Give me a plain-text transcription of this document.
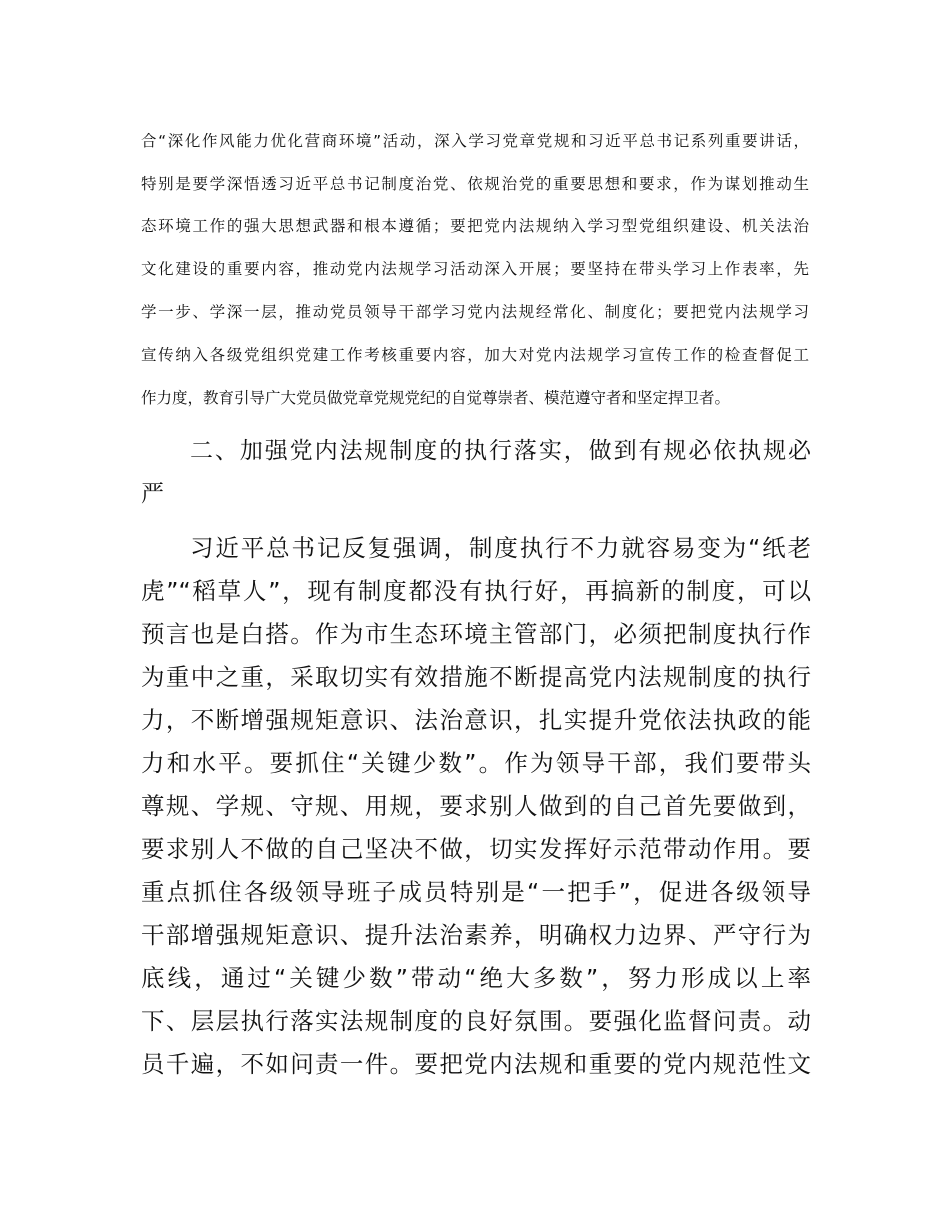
合“深化作风能力优化营商环境”活动，深入学习党章党规和习近平总书记系列重要讲话，
特别是要学深悟透习近平总书记制度治党、依规治党的重要思想和要求，作为谋划推动生
态环境工作的强大思想武器和根本遵循；要把党内法规纳入学习型党组织建设、机关法治
文化建设的重要内容，推动党内法规学习活动深入开展；要坚持在带头学习上作表率，先
学一步、学深一层，推动党员领导干部学习党内法规经常化、制度化；要把党内法规学习
宣传纳入各级党组织党建工作考核重要内容，加大对党内法规学习宣传工作的检查督促工
作力度，教育引导广大党员做党章党规党纪的自觉尊崇者、模范遵守者和坚定捍卫者。
二、加强党内法规制度的执行落实，做到有规必依执规必
严
习近平总书记反复强调，制度执行不力就容易变为“纸老
虎”“稻草人”，现有制度都没有执行好，再搞新的制度，可以
预言也是白搭。作为市生态环境主管部门，必须把制度执行作
为重中之重，采取切实有效措施不断提高党内法规制度的执行
力，不断增强规矩意识、法治意识，扎实提升党依法执政的能
力和水平。要抓住“关键少数”。作为领导干部，我们要带头
尊规、学规、守规、用规，要求别人做到的自己首先要做到，
要求别人不做的自己坚决不做，切实发挥好示范带动作用。要
重点抓住各级领导班子成员特别是“一把手”，促进各级领导
干部增强规矩意识、提升法治素养，明确权力边界、严守行为
底线，通过“关键少数”带动“绝大多数”，努力形成以上率
下、层层执行落实法规制度的良好氛围。要强化监督问责。动
员千遍，不如问责一件。要把党内法规和重要的党内规范性文
